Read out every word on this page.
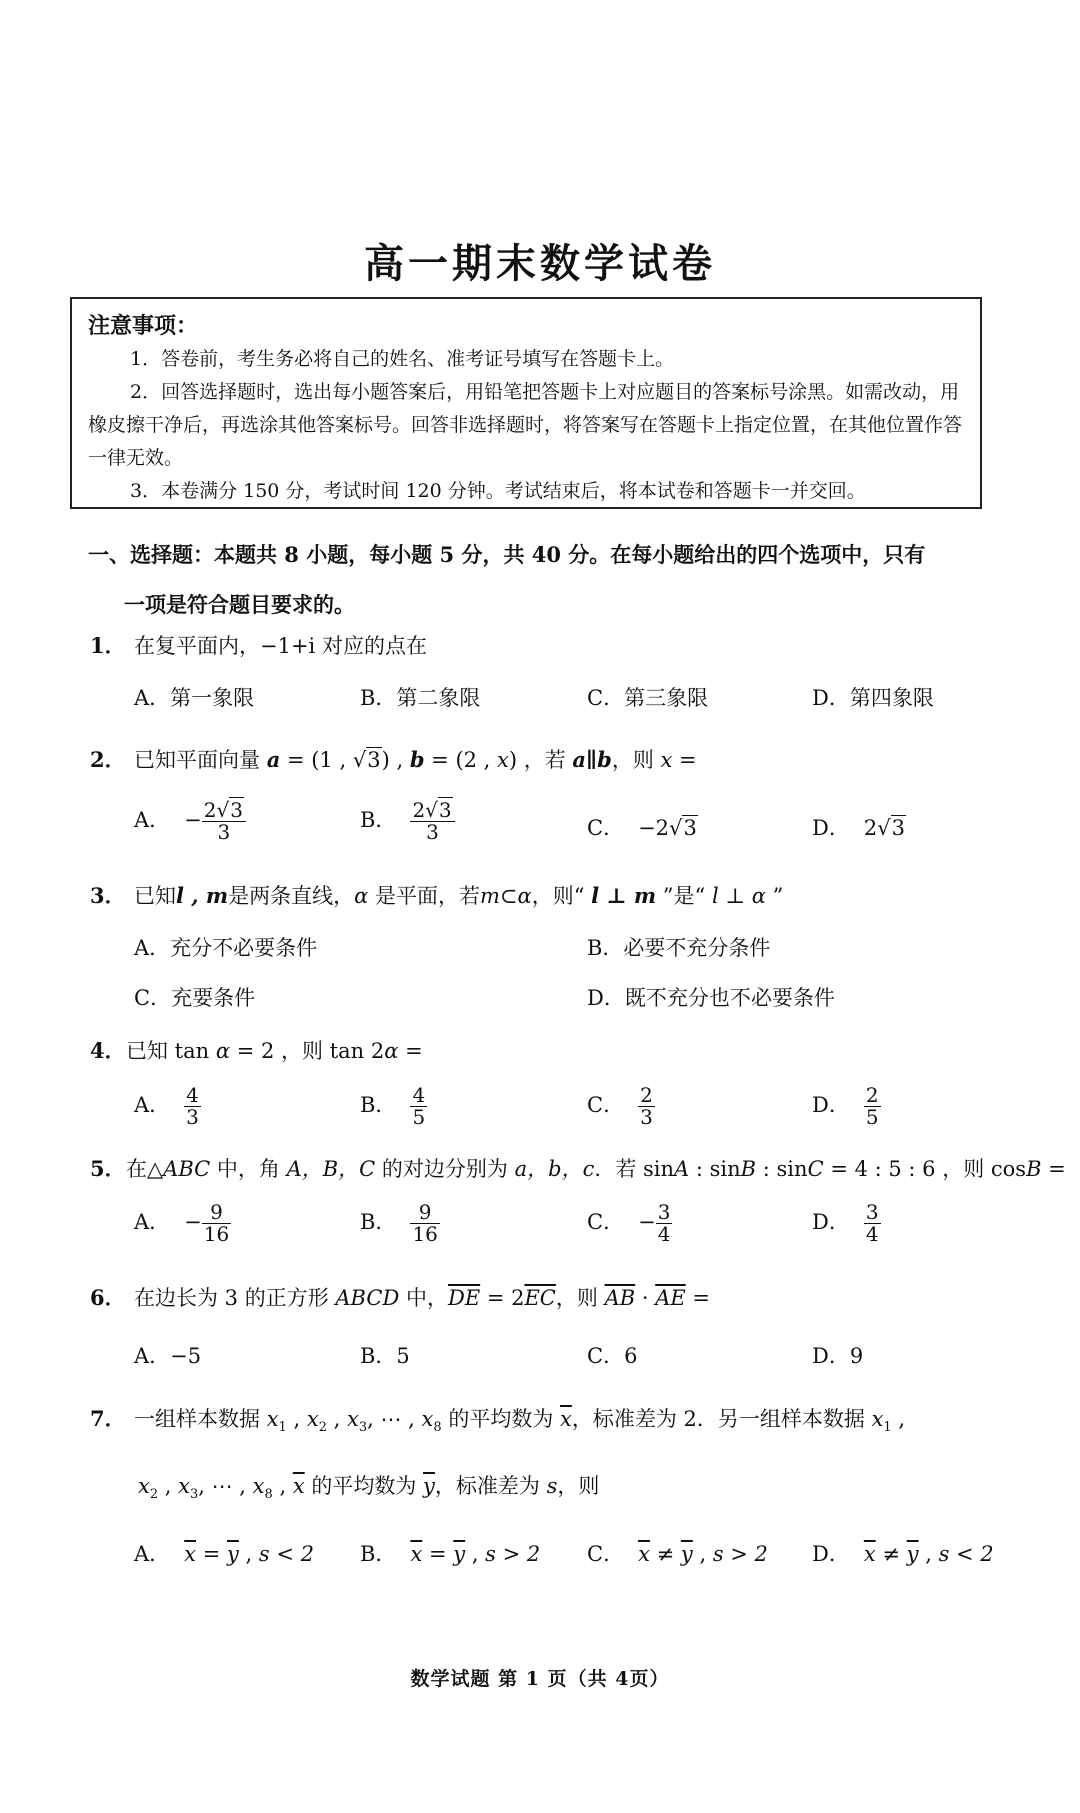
高一期末数学试卷
注意事项：

1．答卷前，考生务必将自己的姓名、准考证号填写在答题卡上。

2．回答选择题时，选出每小题答案后，用铅笔把答题卡上对应题目的答案标号涂黑。如需改动，用橡皮擦干净后，再选涂其他答案标号。回答非选择题时，将答案写在答题卡上指定位置，在其他位置作答一律无效。

3．本卷满分 150 分，考试时间 120 分钟。考试结束后，将本试卷和答题卡一并交回。

一、选择题：本题共 8 小题，每小题 5 分，共 40 分。在每小题给出的四个选项中，只有
一项是符合题目要求的。
1． 在复平面内，−1+i 对应的点在
A．第一象限	B．第二象限	C．第三象限	D．第四象限
2． 已知平面向量 a = (1 , √3) , b = (2 , x) ，若 a∥b，则 x =
A． − $\frac{2√3}{3}$	B． $\frac{2√3}{3}$	C． −2√3	D． 2√3
3． 已知l , m是两条直线，α 是平面，若m⊂α，则“ l ⊥ m ”是“ l ⊥ α ”
A．充分不必要条件	B．必要不充分条件
C．充要条件	D．既不充分也不必要条件
4．已知 tan α = 2 ，则 tan 2α =
A． $\frac{4}{3}$	B． $\frac{4}{5}$	C． $\frac{2}{3}$	D． $\frac{2}{5}$
5．在△ABC 中，角 A，B，C 的对边分别为 a，b，c．若 sinA : sinB : sinC = 4 : 5 : 6 ，则 cosB =
A． − $\frac{9}{16}$	B． $\frac{9}{16}$	C． − $\frac{3}{4}$	D． $\frac{3}{4}$
6． 在边长为 3 的正方形 ABCD 中，$\overline{DE} = 2\overline{EC}$，则 $\overline{AB} \cdot \overline{AE}$ =
A．−5	B．5	C．6	D．9
7． 一组样本数据 $x_1$ , $x_2$ , $x_3$, ⋯ , $x_8$ 的平均数为 $\overline{x}$，标准差为 2．另一组样本数据 $x_1$ ,
$x_2$ , $x_3$, ⋯ , $x_8$ , $\overline{x}$ 的平均数为 $\overline{y}$，标准差为 s，则
A． $\overline{x} = \overline{y}$ , s < 2 B． $\overline{x} = \overline{y}$ , s > 2 C． $\overline{x} \ne \overline{y}$ , s > 2 D． $\overline{x} \ne \overline{y}$ , s < 2
数学试题 第 1 页（共 4页）
